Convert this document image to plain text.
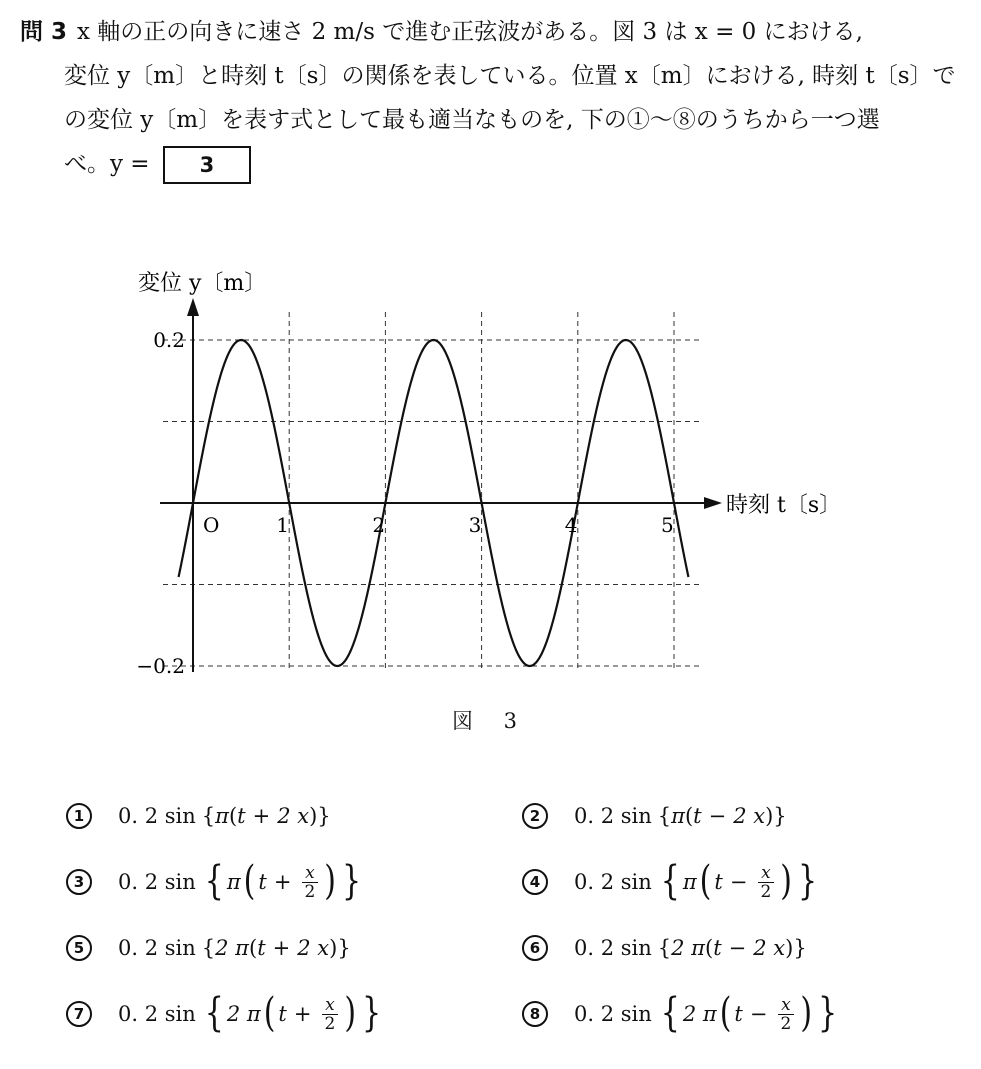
問 3 x 軸の正の向きに速さ 2 m/s で進む正弦波がある。図 3 は x = 0 における,
変位 y〔m〕と時刻 t〔s〕の関係を表している。位置 x〔m〕における, 時刻 t〔s〕で
の変位 y〔m〕を表す式として最も適当なものを, 下の①〜⑧のうちから一つ選
べ。y = 3
変位 y〔m〕
時刻 t〔s〕
O	1	2	3	4	5
0.2
−0.2
図 3
1	0. 2 sin { π ( t + 2 x )}	2	0. 2 sin { π ( t − 2 x )}
3	0. 2 sin { π ( $t + \frac{x}{2}$ ) }	4	0. 2 sin { π ( $t - \frac{x}{2}$ ) }
5	0. 2 sin { 2 π ( t + 2 x )}	6	0. 2 sin { 2 π ( t − 2 x )}
7	0. 2 sin { 2 π ( $t + \frac{x}{2}$ ) }	8	0. 2 sin { 2 π ( $t - \frac{x}{2}$ ) }
